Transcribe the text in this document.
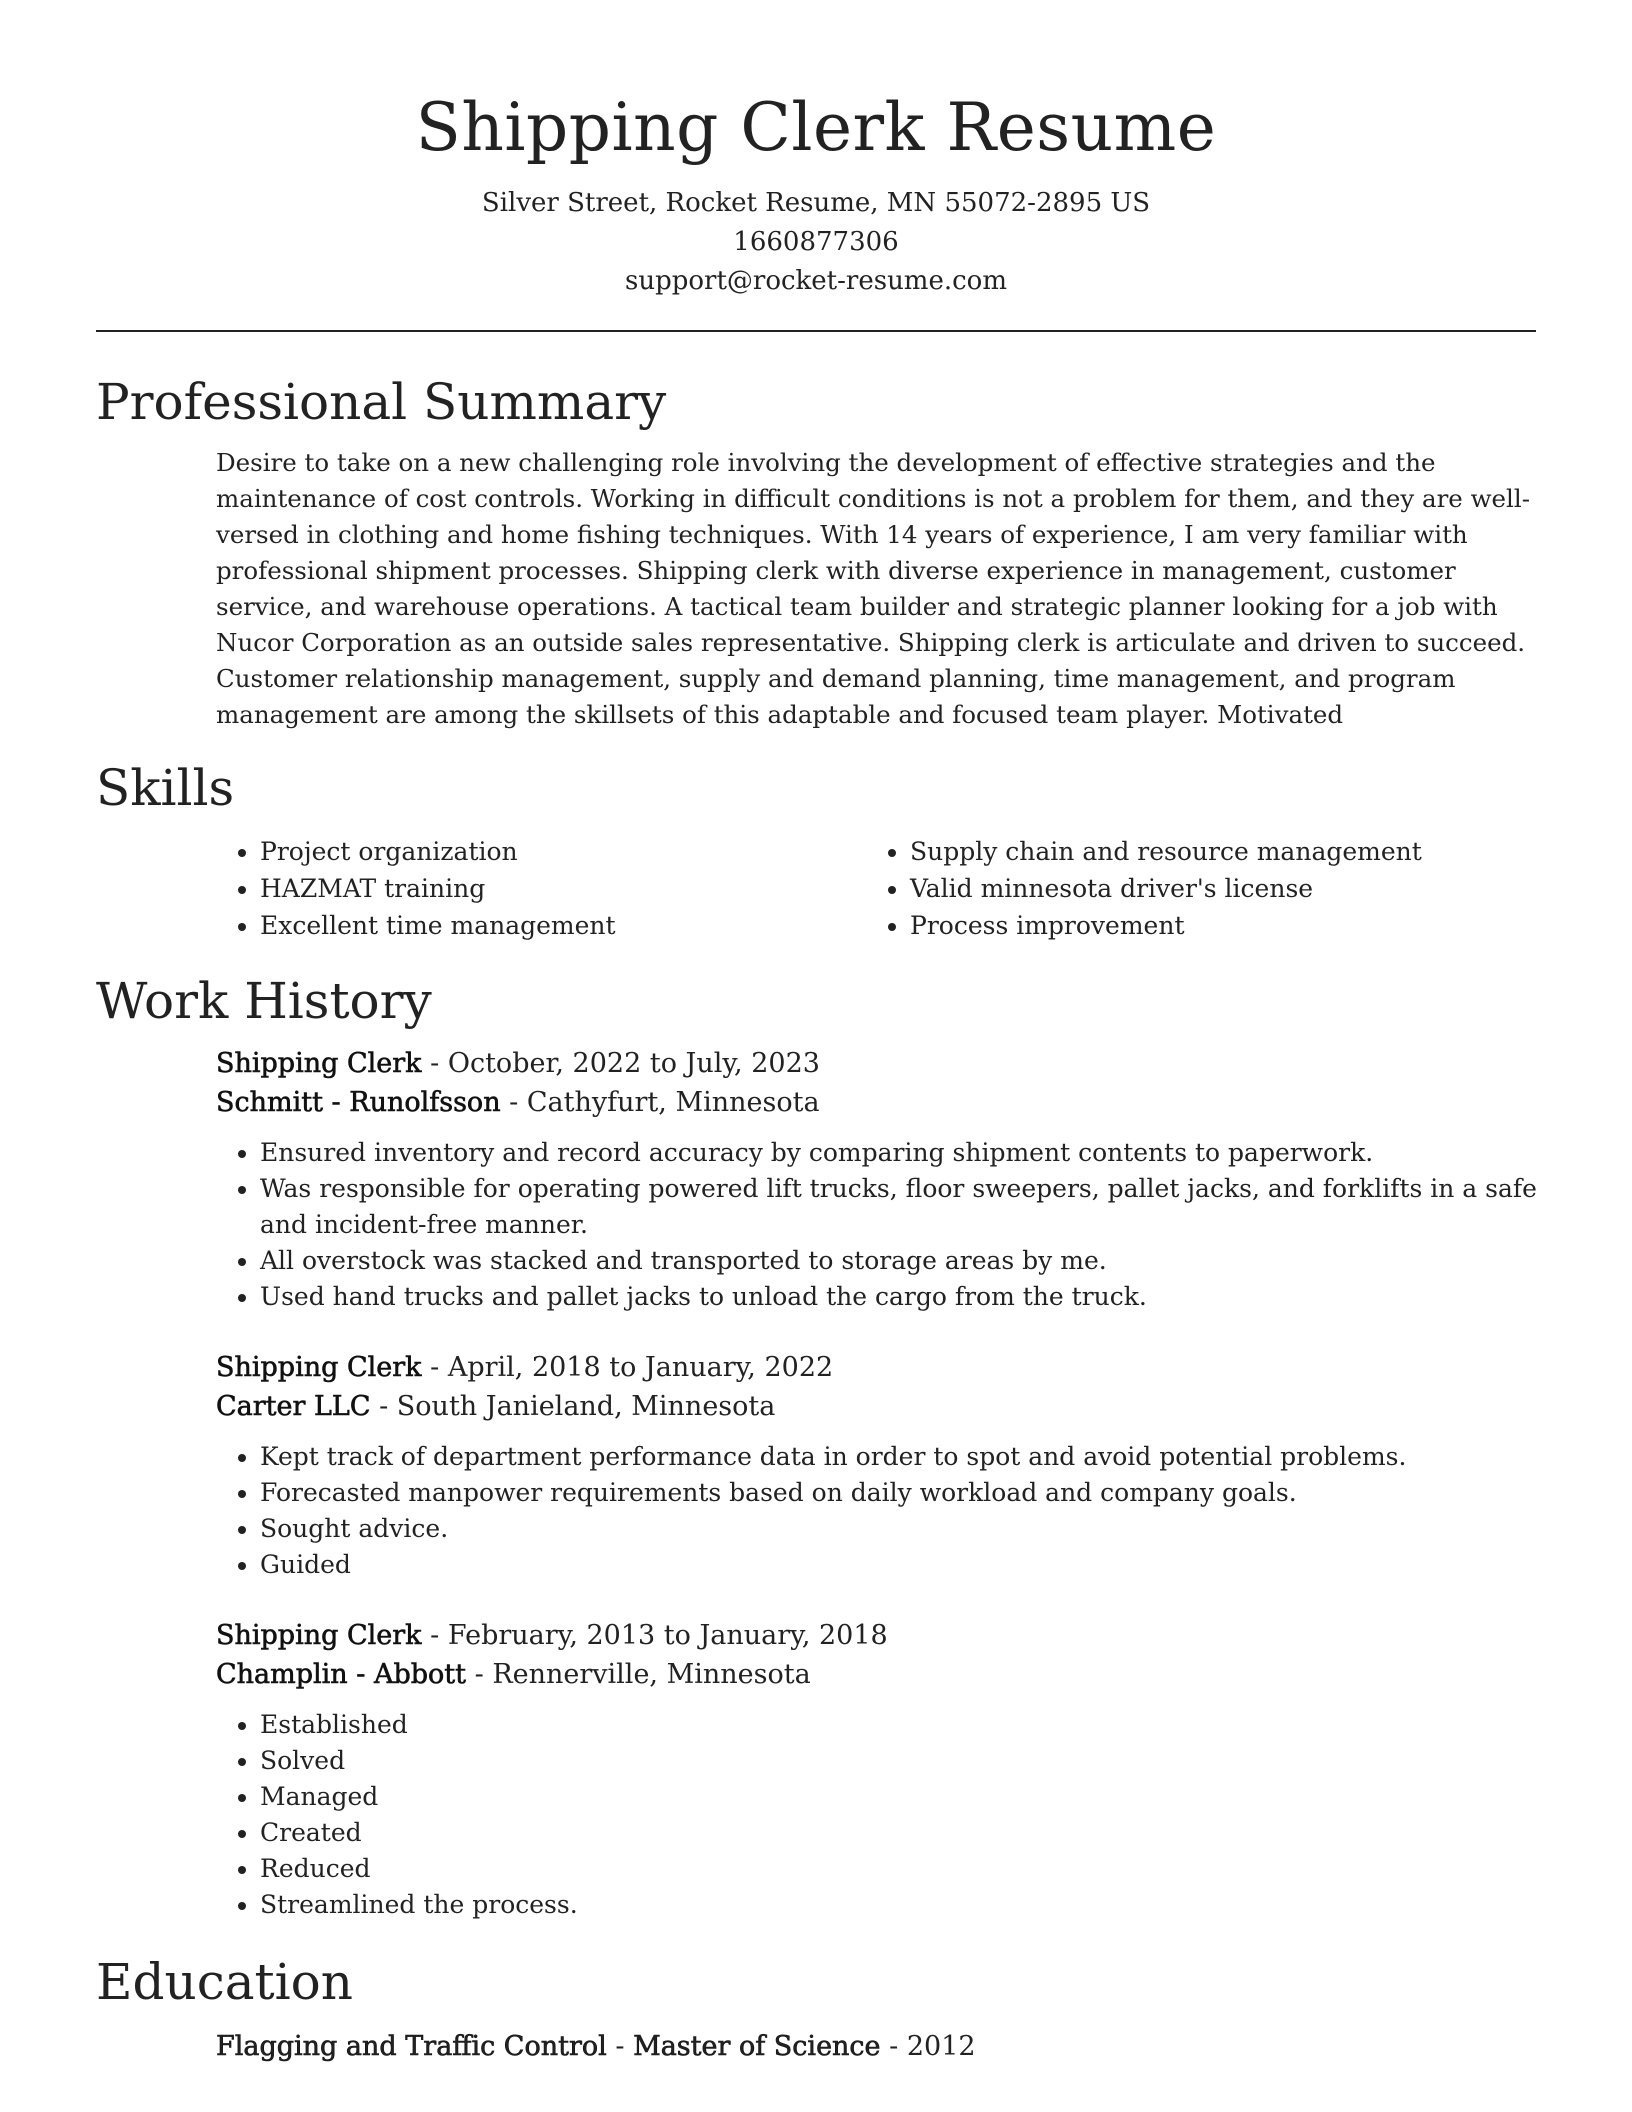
Shipping Clerk Resume
Silver Street, Rocket Resume, MN 55072-2895 US
1660877306
support@rocket-resume.com
Professional Summary

Desire to take on a new challenging role involving the development of effective strategies and the maintenance of cost controls. Working in difficult conditions is not a problem for them, and they are well-versed in clothing and home fishing techniques. With 14 years of experience, I am very familiar with professional shipment processes. Shipping clerk with diverse experience in management, customer service, and warehouse operations. A tactical team builder and strategic planner looking for a job with Nucor Corporation as an outside sales representative. Shipping clerk is articulate and driven to succeed. Customer relationship management, supply and demand planning, time management, and program management are among the skillsets of this adaptable and focused team player. Motivated

Skills
• Project organization
• HAZMAT training
• Excellent time management
• Supply chain and resource management
• Valid minnesota driver's license
• Process improvement
Work History
Shipping Clerk - October, 2022 to July, 2023
Schmitt - Runolfsson - Cathyfurt, Minnesota
• Ensured inventory and record accuracy by comparing shipment contents to paperwork.
• Was responsible for operating powered lift trucks, floor sweepers, pallet jacks, and forklifts in a safe and incident-free manner.
• All overstock was stacked and transported to storage areas by me.
• Used hand trucks and pallet jacks to unload the cargo from the truck.
Shipping Clerk - April, 2018 to January, 2022
Carter LLC - South Janieland, Minnesota
• Kept track of department performance data in order to spot and avoid potential problems.
• Forecasted manpower requirements based on daily workload and company goals.
• Sought advice.
• Guided
Shipping Clerk - February, 2013 to January, 2018
Champlin - Abbott - Rennerville, Minnesota
• Established
• Solved
• Managed
• Created
• Reduced
• Streamlined the process.
Education
Flagging and Traffic Control - Master of Science - 2012
